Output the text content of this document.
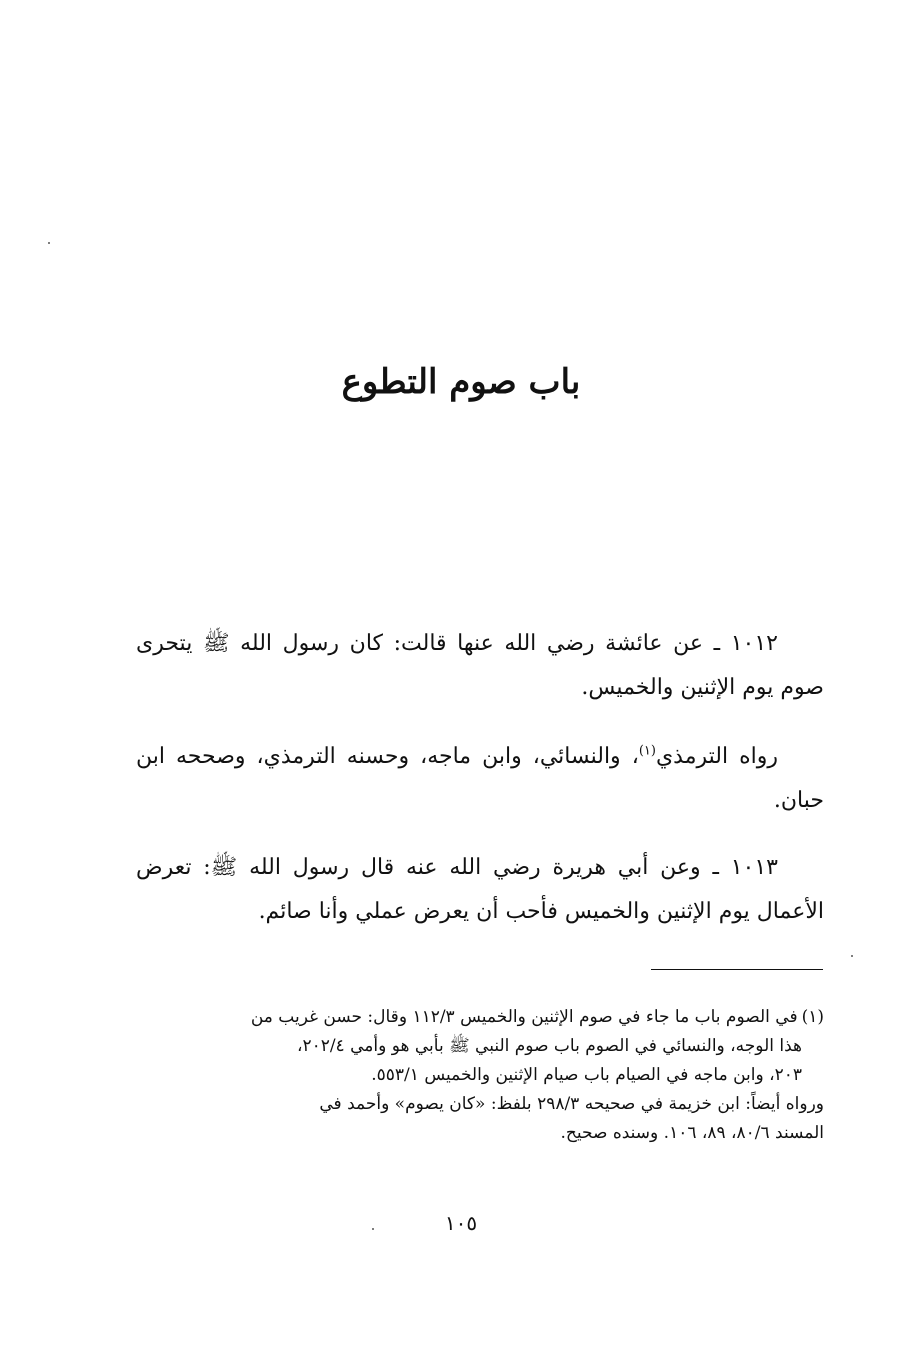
باب صوم التطوع

١٠١٢ ـ عن عائشة رضي الله عنها قالت: كان رسول الله ﷺ يتحرى صوم يوم الإثنين والخميس.

رواه الترمذي$^{(١)}$، والنسائي، وابن ماجه، وحسنه الترمذي، وصححه ابن حبان.

١٠١٣ ـ وعن أبي هريرة رضي الله عنه قال رسول الله ﷺ: تعرض الأعمال يوم الإثنين والخميس فأحب أن يعرض عملي وأنا صائم.

(١)في الصوم باب ما جاء في صوم الإثنين والخميس ١١٢/٣ وقال: حسن غريب من
هذا الوجه، والنسائي في الصوم باب صوم النبي ﷺ بأبي هو وأمي ٢٠٢/٤،
٢٠٣، وابن ماجه في الصيام باب صيام الإثنين والخميس ٥٥٣/١.
ورواه أيضاً: ابن خزيمة في صحيحه ٢٩٨/٣ بلفظ: «كان يصوم» وأحمد في
المسند ٨٠/٦، ٨٩، ١٠٦. وسنده صحيح.

١٠٥
